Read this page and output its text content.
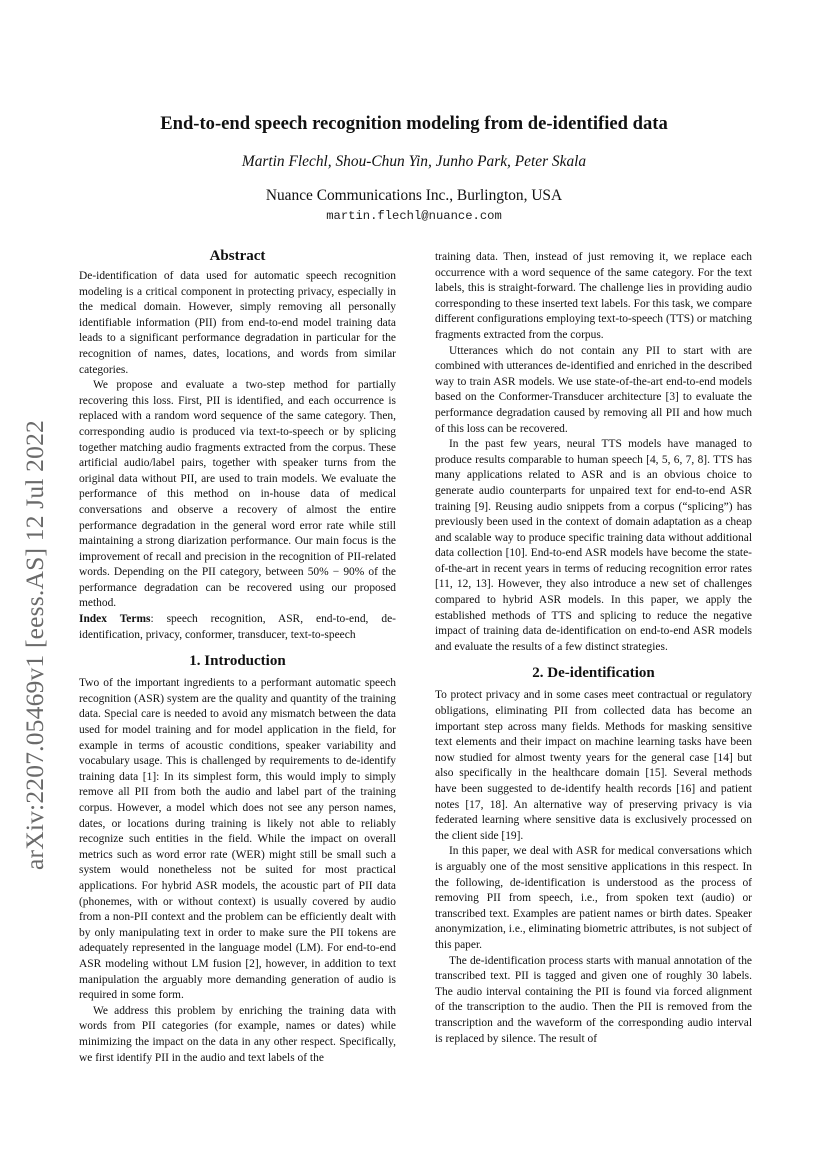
arXiv:2207.05469v1 [eess.AS] 12 Jul 2022
End-to-end speech recognition modeling from de-identified data
Martin Flechl, Shou-Chun Yin, Junho Park, Peter Skala
Nuance Communications Inc., Burlington, USA
martin.flechl@nuance.com
Abstract

De-identification of data used for automatic speech recognition modeling is a critical component in protecting privacy, especially in the medical domain. However, simply removing all personally identifiable information (PII) from end-to-end model training data leads to a significant performance degradation in particular for the recognition of names, dates, locations, and words from similar categories.

We propose and evaluate a two-step method for partially recovering this loss. First, PII is identified, and each occurrence is replaced with a random word sequence of the same category. Then, corresponding audio is produced via text-to-speech or by splicing together matching audio fragments extracted from the corpus. These artificial audio/label pairs, together with speaker turns from the original data without PII, are used to train models. We evaluate the performance of this method on in-house data of medical conversations and observe a recovery of almost the entire performance degradation in the general word error rate while still maintaining a strong diarization performance. Our main focus is the improvement of recall and precision in the recognition of PII-related words. Depending on the PII category, between 50% − 90% of the performance degradation can be recovered using our proposed method.

Index Terms: speech recognition, ASR, end-to-end, de-identification, privacy, conformer, transducer, text-to-speech

1. Introduction

Two of the important ingredients to a performant automatic speech recognition (ASR) system are the quality and quantity of the training data. Special care is needed to avoid any mismatch between the data used for model training and for model application in the field, for example in terms of acoustic conditions, speaker variability and vocabulary usage. This is challenged by requirements to de-identify training data [1]: In its simplest form, this would imply to simply remove all PII from both the audio and label part of the training corpus. However, a model which does not see any person names, dates, or locations during training is likely not able to reliably recognize such entities in the field. While the impact on overall metrics such as word error rate (WER) might still be small such a system would nonetheless not be suited for most practical applications. For hybrid ASR models, the acoustic part of PII data (phonemes, with or without context) is usually covered by audio from a non-PII context and the problem can be efficiently dealt with by only manipulating text in order to make sure the PII tokens are adequately represented in the language model (LM). For end-to-end ASR modeling without LM fusion [2], however, in addition to text manipulation the arguably more demanding generation of audio is required in some form.

We address this problem by enriching the training data with words from PII categories (for example, names or dates) while minimizing the impact on the data in any other respect. Specifically, we first identify PII in the audio and text labels of the

training data. Then, instead of just removing it, we replace each occurrence with a word sequence of the same category. For the text labels, this is straight-forward. The challenge lies in providing audio corresponding to these inserted text labels. For this task, we compare different configurations employing text-to-speech (TTS) or matching fragments extracted from the corpus.

Utterances which do not contain any PII to start with are combined with utterances de-identified and enriched in the described way to train ASR models. We use state-of-the-art end-to-end models based on the Conformer-Transducer architecture [3] to evaluate the performance degradation caused by removing all PII and how much of this loss can be recovered.

In the past few years, neural TTS models have managed to produce results comparable to human speech [4, 5, 6, 7, 8]. TTS has many applications related to ASR and is an obvious choice to generate audio counterparts for unpaired text for end-to-end ASR training [9]. Reusing audio snippets from a corpus (“splicing”) has previously been used in the context of domain adaptation as a cheap and scalable way to produce specific training data without additional data collection [10]. End-to-end ASR models have become the state-of-the-art in recent years in terms of reducing recognition error rates [11, 12, 13]. However, they also introduce a new set of challenges compared to hybrid ASR models. In this paper, we apply the established methods of TTS and splicing to reduce the negative impact of training data de-identification on end-to-end ASR models and evaluate the results of a few distinct strategies.

2. De-identification

To protect privacy and in some cases meet contractual or regulatory obligations, eliminating PII from collected data has become an important step across many fields. Methods for masking sensitive text elements and their impact on machine learning tasks have been now studied for almost twenty years for the general case [14] but also specifically in the healthcare domain [15]. Several methods have been suggested to de-identify health records [16] and patient notes [17, 18]. An alternative way of preserving privacy is via federated learning where sensitive data is exclusively processed on the client side [19].

In this paper, we deal with ASR for medical conversations which is arguably one of the most sensitive applications in this respect. In the following, de-identification is understood as the process of removing PII from speech, i.e., from spoken text (audio) or transcribed text. Examples are patient names or birth dates. Speaker anonymization, i.e., eliminating biometric attributes, is not subject of this paper.

The de-identification process starts with manual annotation of the transcribed text. PII is tagged and given one of roughly 30 labels. The audio interval containing the PII is found via forced alignment of the transcription to the audio. Then the PII is removed from the transcription and the waveform of the corresponding audio interval is replaced by silence. The result of
